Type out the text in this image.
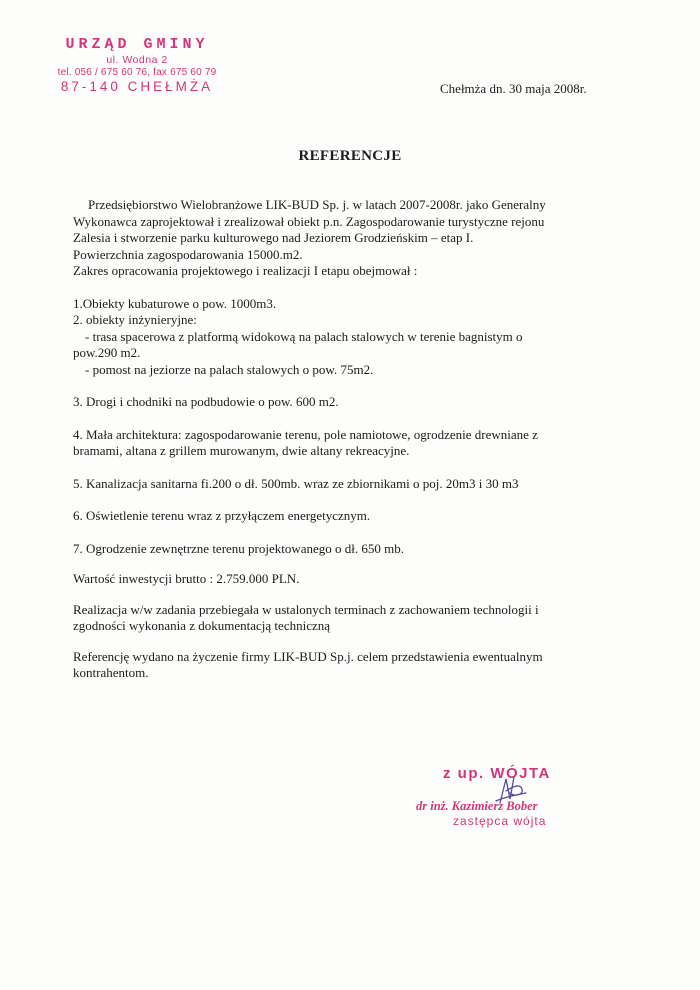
URZĄD GMINY
ul. Wodna 2
tel. 056 / 675 60 76, fax 675 60 79
87-140 CHEŁMŻA	Chełmża dn. 30 maja 2008r.
REFERENCJE

Przedsiębiorstwo Wielobranżowe LIK-BUD Sp. j. w latach 2007-2008r. jako Generalny

Wykonawca zaprojektował i zrealizował obiekt p.n. Zagospodarowanie turystyczne rejonu

Zalesia i stworzenie parku kulturowego nad Jeziorem Grodzieńskim – etap I.

Powierzchnia zagospodarowania 15000.m2.

Zakres opracowania projektowego i realizacji I etapu obejmował :

1.Obiekty kubaturowe o pow. 1000m3.

2. obiekty inżynieryjne:

- trasa spacerowa z platformą widokową na palach stalowych w terenie bagnistym o

pow.290 m2.

- pomost na jeziorze na palach stalowych o pow. 75m2.

3. Drogi i chodniki na podbudowie o pow. 600 m2.

4. Mała architektura: zagospodarowanie terenu, pole namiotowe, ogrodzenie drewniane z

bramami, altana z grillem murowanym, dwie altany rekreacyjne.

5. Kanalizacja sanitarna fi.200 o dł. 500mb. wraz ze zbiornikami o poj. 20m3 i 30 m3

6. Oświetlenie terenu wraz z przyłączem energetycznym.

7. Ogrodzenie zewnętrzne terenu projektowanego o dł. 650 mb.

Wartość inwestycji brutto : 2.759.000 PLN.

Realizacja w/w zadania przebiegała w ustalonych terminach z zachowaniem technologii i

zgodności wykonania z dokumentacją techniczną

Referencję wydano na życzenie firmy LIK-BUD Sp.j. celem przedstawienia ewentualnym

kontrahentom.

z up. WÓJTA
dr inż. Kazimierz Bober
zastępca wójta
